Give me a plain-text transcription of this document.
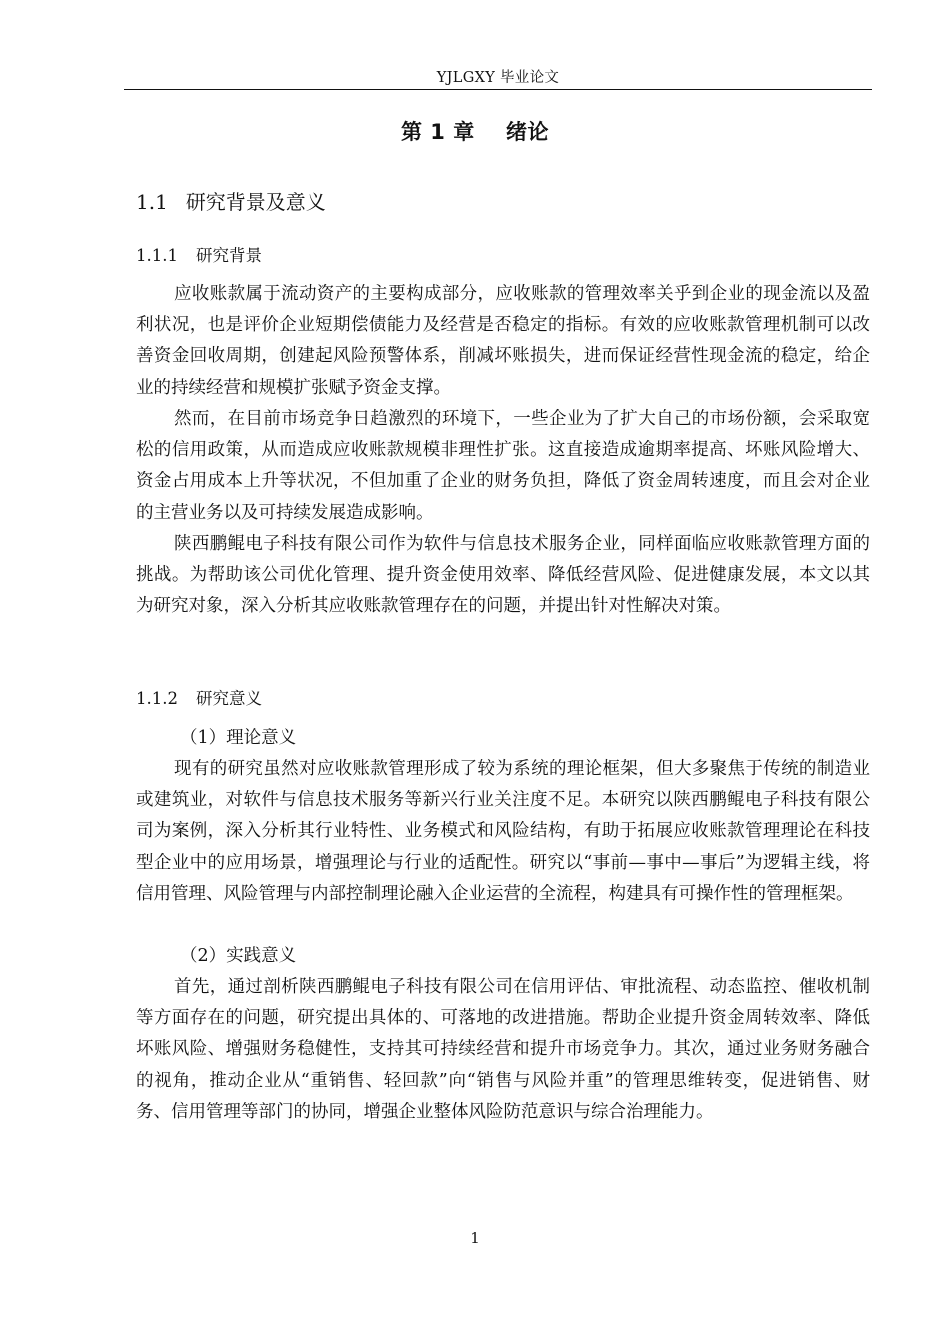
YJLGXY 毕业论文
第 1 章    绪论
1.1 研究背景及意义
1.1.1 研究背景

应收账款属于流动资产的主要构成部分，应收账款的管理效率关乎到企业的现金流以及盈利状况，也是评价企业短期偿债能力及经营是否稳定的指标。有效的应收账款管理机制可以改善资金回收周期，创建起风险预警体系，削减坏账损失，进而保证经营性现金流的稳定，给企业的持续经营和规模扩张赋予资金支撑。

然而，在目前市场竞争日趋激烈的环境下，一些企业为了扩大自己的市场份额，会采取宽松的信用政策，从而造成应收账款规模非理性扩张。这直接造成逾期率提高、坏账风险增大、资金占用成本上升等状况，不但加重了企业的财务负担，降低了资金周转速度，而且会对企业的主营业务以及可持续发展造成影响。

陕西鹏鲲电子科技有限公司作为软件与信息技术服务企业，同样面临应收账款管理方面的挑战。为帮助该公司优化管理、提升资金使用效率、降低经营风险、促进健康发展，本文以其为研究对象，深入分析其应收账款管理存在的问题，并提出针对性解决对策。

1.1.2 研究意义
（1）理论意义

现有的研究虽然对应收账款管理形成了较为系统的理论框架，但大多聚焦于传统的制造业或建筑业，对软件与信息技术服务等新兴行业关注度不足。本研究以陕西鹏鲲电子科技有限公司为案例，深入分析其行业特性、业务模式和风险结构，有助于拓展应收账款管理理论在科技型企业中的应用场景，增强理论与行业的适配性。研究以“事前—事中—事后”为逻辑主线，将信用管理、风险管理与内部控制理论融入企业运营的全流程，构建具有可操作性的管理框架。

（2）实践意义

首先，通过剖析陕西鹏鲲电子科技有限公司在信用评估、审批流程、动态监控、催收机制等方面存在的问题，研究提出具体的、可落地的改进措施。帮助企业提升资金周转效率、降低坏账风险、增强财务稳健性，支持其可持续经营和提升市场竞争力。其次，通过业务财务融合的视角，推动企业从“重销售、轻回款”向“销售与风险并重”的管理思维转变，促进销售、财务、信用管理等部门的协同，增强企业整体风险防范意识与综合治理能力。

1
